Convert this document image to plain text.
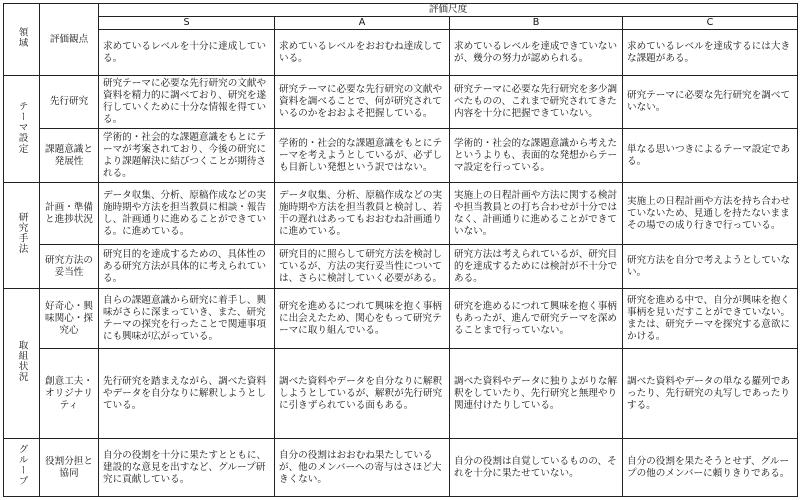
領域	評価観点	評価尺度			
		S	A	B	C
		求めているレベルを十分に達成している。	求めているレベルをおおむね達成している。	求めているレベルを達成できていないが、幾分の努力が認められる。	求めているレベルを達成するには大きな課題がある。
テーマ設定	先行研究	研究テーマに必要な先行研究の文献や資料を精力的に調べており、研究を遂行していくために十分な情報を得ている。	研究テーマに必要な先行研究の文献や資料を調べることで、何が研究されているのかをおおよそ把握している。	研究テーマに必要な先行研究を多少調べたものの、これまで研究されてきた内容を十分に把握できていない。	研究テーマに必要な先行研究を調べていない。
	課題意識と発展性	学術的・社会的な課題意識をもとにテーマが考案されており、今後の研究により課題解決に結びつくことが期待される。	学術的・社会的な課題意識をもとにテーマを考えようとしているが、必ずしも目新しい発想という訳ではない。	学術的・社会的な課題意識から考えたというよりも、表面的な発想からテーマ設定を行っている。	単なる思いつきによるテーマ設定である。
研究手法	計画・準備と進捗状況	データ収集、分析、原稿作成などの実施時期や方法を担当教員に相談・報告し、計画通りに進めることができている。に進めている。	データ収集、分析、原稿作成などの実施時期や方法を担当教員と検討し、若干の遅れはあってもおおむね計画通りに進めている。	実施上の日程計画や方法に関する検討や担当教員との打ち合わせが十分ではなく、計画通りに進めることができていない。	実施上の日程計画や方法を持ち合わせていないため、見通しを持たないままその場での成り行きで行っている。
	研究方法の妥当性	研究目的を達成するための、具体性のある研究方法が具体的に考えられている。	研究目的に照らして研究方法を検討しているが、方法の実行妥当性については、さらに検討していく必要がある。	研究方法は考えられているが、研究目的を達成するためには検討が不十分である。	研究方法を自分で考えようとしていない。
取組状況	好奇心・興味関心・探究心	自らの課題意識から研究に着手し、興味がさらに深まっていき、また、研究テーマの探究を行ったことで関連事項にも興味が広がっている。	研究を進めるにつれて興味を抱く事柄に出会えたため、関心をもって研究テーマに取り組んでいる。	研究を進めるにつれて興味を抱く事柄もあったが、進んで研究テーマを深めることまで行っていない。	研究を進める中で、自分が興味を抱く事柄を見いだすことができていない。または、研究テーマを探究する意欲にかける。
	創意工夫・オリジナリティ	先行研究を踏まえながら、調べた資料やデータを自分なりに解釈しようとしている。	調べた資料やデータを自分なりに解釈しようとしているが、解釈が先行研究に引きずられている面もある。	調べた資料やデータに独りよがりな解釈をしていたり、先行研究と無理やり関連付けたりしている。	調べた資料やデータの単なる羅列であったり、先行研究の丸写しであったりする。
グループ	役割分担と協同	自分の役割を十分に果たすとともに、建設的な意見を出すなど、グループ研究に貢献している。	自分の役割はおおむね果たしているが、他のメンバーへの寄与はさほど大きくない。	自分の役割は自覚しているものの、それを十分に果たせていない。	自分の役割を果たそうとせず、グループの他のメンバーに頼りきりである。
